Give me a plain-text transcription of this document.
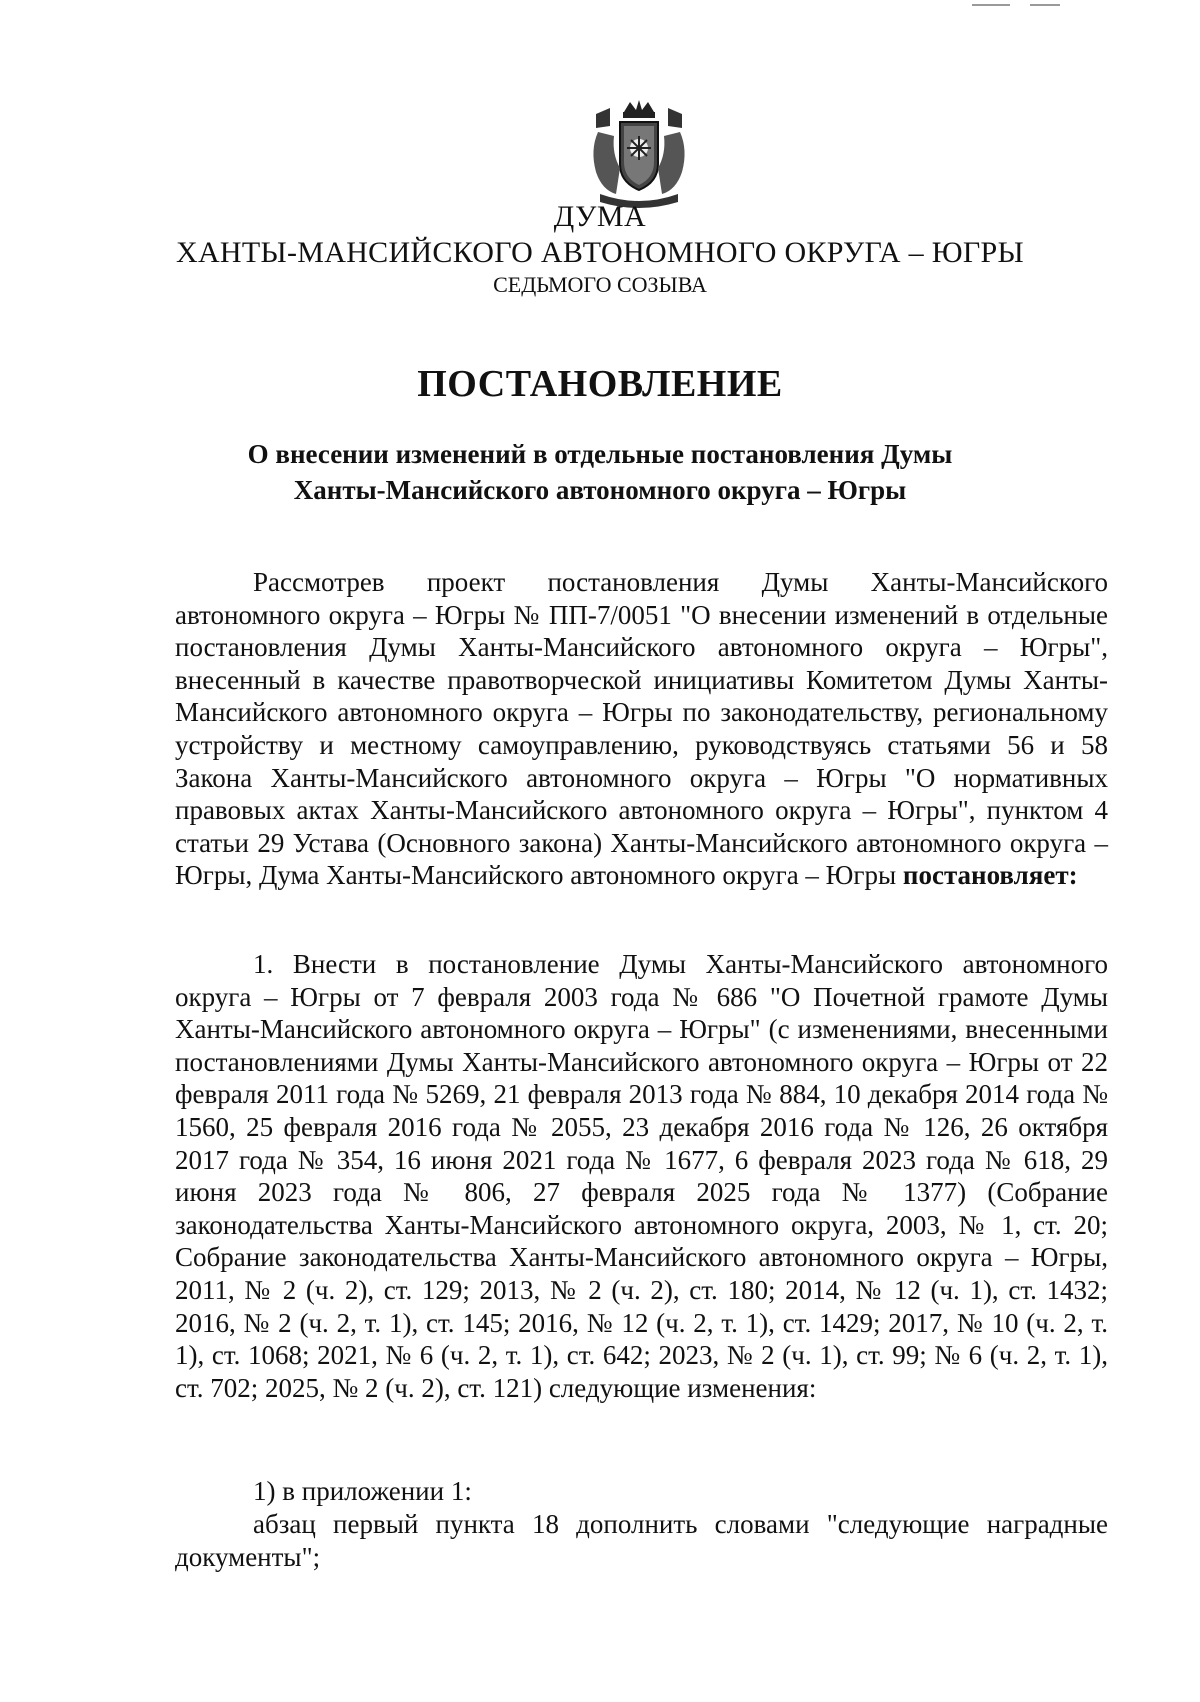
ДУМА
ХАНТЫ-МАНСИЙСКОГО АВТОНОМНОГО ОКРУГА – ЮГРЫ
СЕДЬМОГО СОЗЫВА
ПОСТАНОВЛЕНИЕ
О внесении изменений в отдельные постановления Думы
Ханты-Мансийского автономного округа – Югры

Рассмотрев проект постановления Думы Ханты-Мансийского автономного округа – Югры № ПП-7/0051 "О внесении изменений в отдельные постановления Думы Ханты-Мансийского автономного округа – Югры", внесенный в качестве правотворческой инициативы Комитетом Думы Ханты-Мансийского автономного округа – Югры по законодательству, региональному устройству и местному самоуправлению, руководствуясь статьями 56 и 58 Закона Ханты-Мансийского автономного округа – Югры "О нормативных правовых актах Ханты-Мансийского автономного округа – Югры", пунктом 4 статьи 29 Устава (Основного закона) Ханты-Мансийского автономного округа – Югры, Дума Ханты-Мансийского автономного округа – Югры постановляет:

1. Внести в постановление Думы Ханты-Мансийского автономного округа – Югры от 7 февраля 2003 года № 686 "О Почетной грамоте Думы Ханты-Мансийского автономного округа – Югры" (с изменениями, внесенными постановлениями Думы Ханты-Мансийского автономного округа – Югры от 22 февраля 2011 года № 5269, 21 февраля 2013 года № 884, 10 декабря 2014 года № 1560, 25 февраля 2016 года № 2055, 23 декабря 2016 года № 126, 26 октября 2017 года № 354, 16 июня 2021 года № 1677, 6 февраля 2023 года № 618, 29 июня 2023 года № 806, 27 февраля 2025 года № 1377) (Собрание законодательства Ханты-Мансийского автономного округа, 2003, № 1, ст. 20; Собрание законодательства Ханты-Мансийского автономного округа – Югры, 2011, № 2 (ч. 2), ст. 129; 2013, № 2 (ч. 2), ст. 180; 2014, № 12 (ч. 1), ст. 1432; 2016, № 2 (ч. 2, т. 1), ст. 145; 2016, № 12 (ч. 2, т. 1), ст. 1429; 2017, № 10 (ч. 2, т. 1), ст. 1068; 2021, № 6 (ч. 2, т. 1), ст. 642; 2023, № 2 (ч. 1), ст. 99; № 6 (ч. 2, т. 1), ст. 702; 2025, № 2 (ч. 2), ст. 121) следующие изменения:

1) в приложении 1:

абзац первый пункта 18 дополнить словами "следующие наградные документы";
